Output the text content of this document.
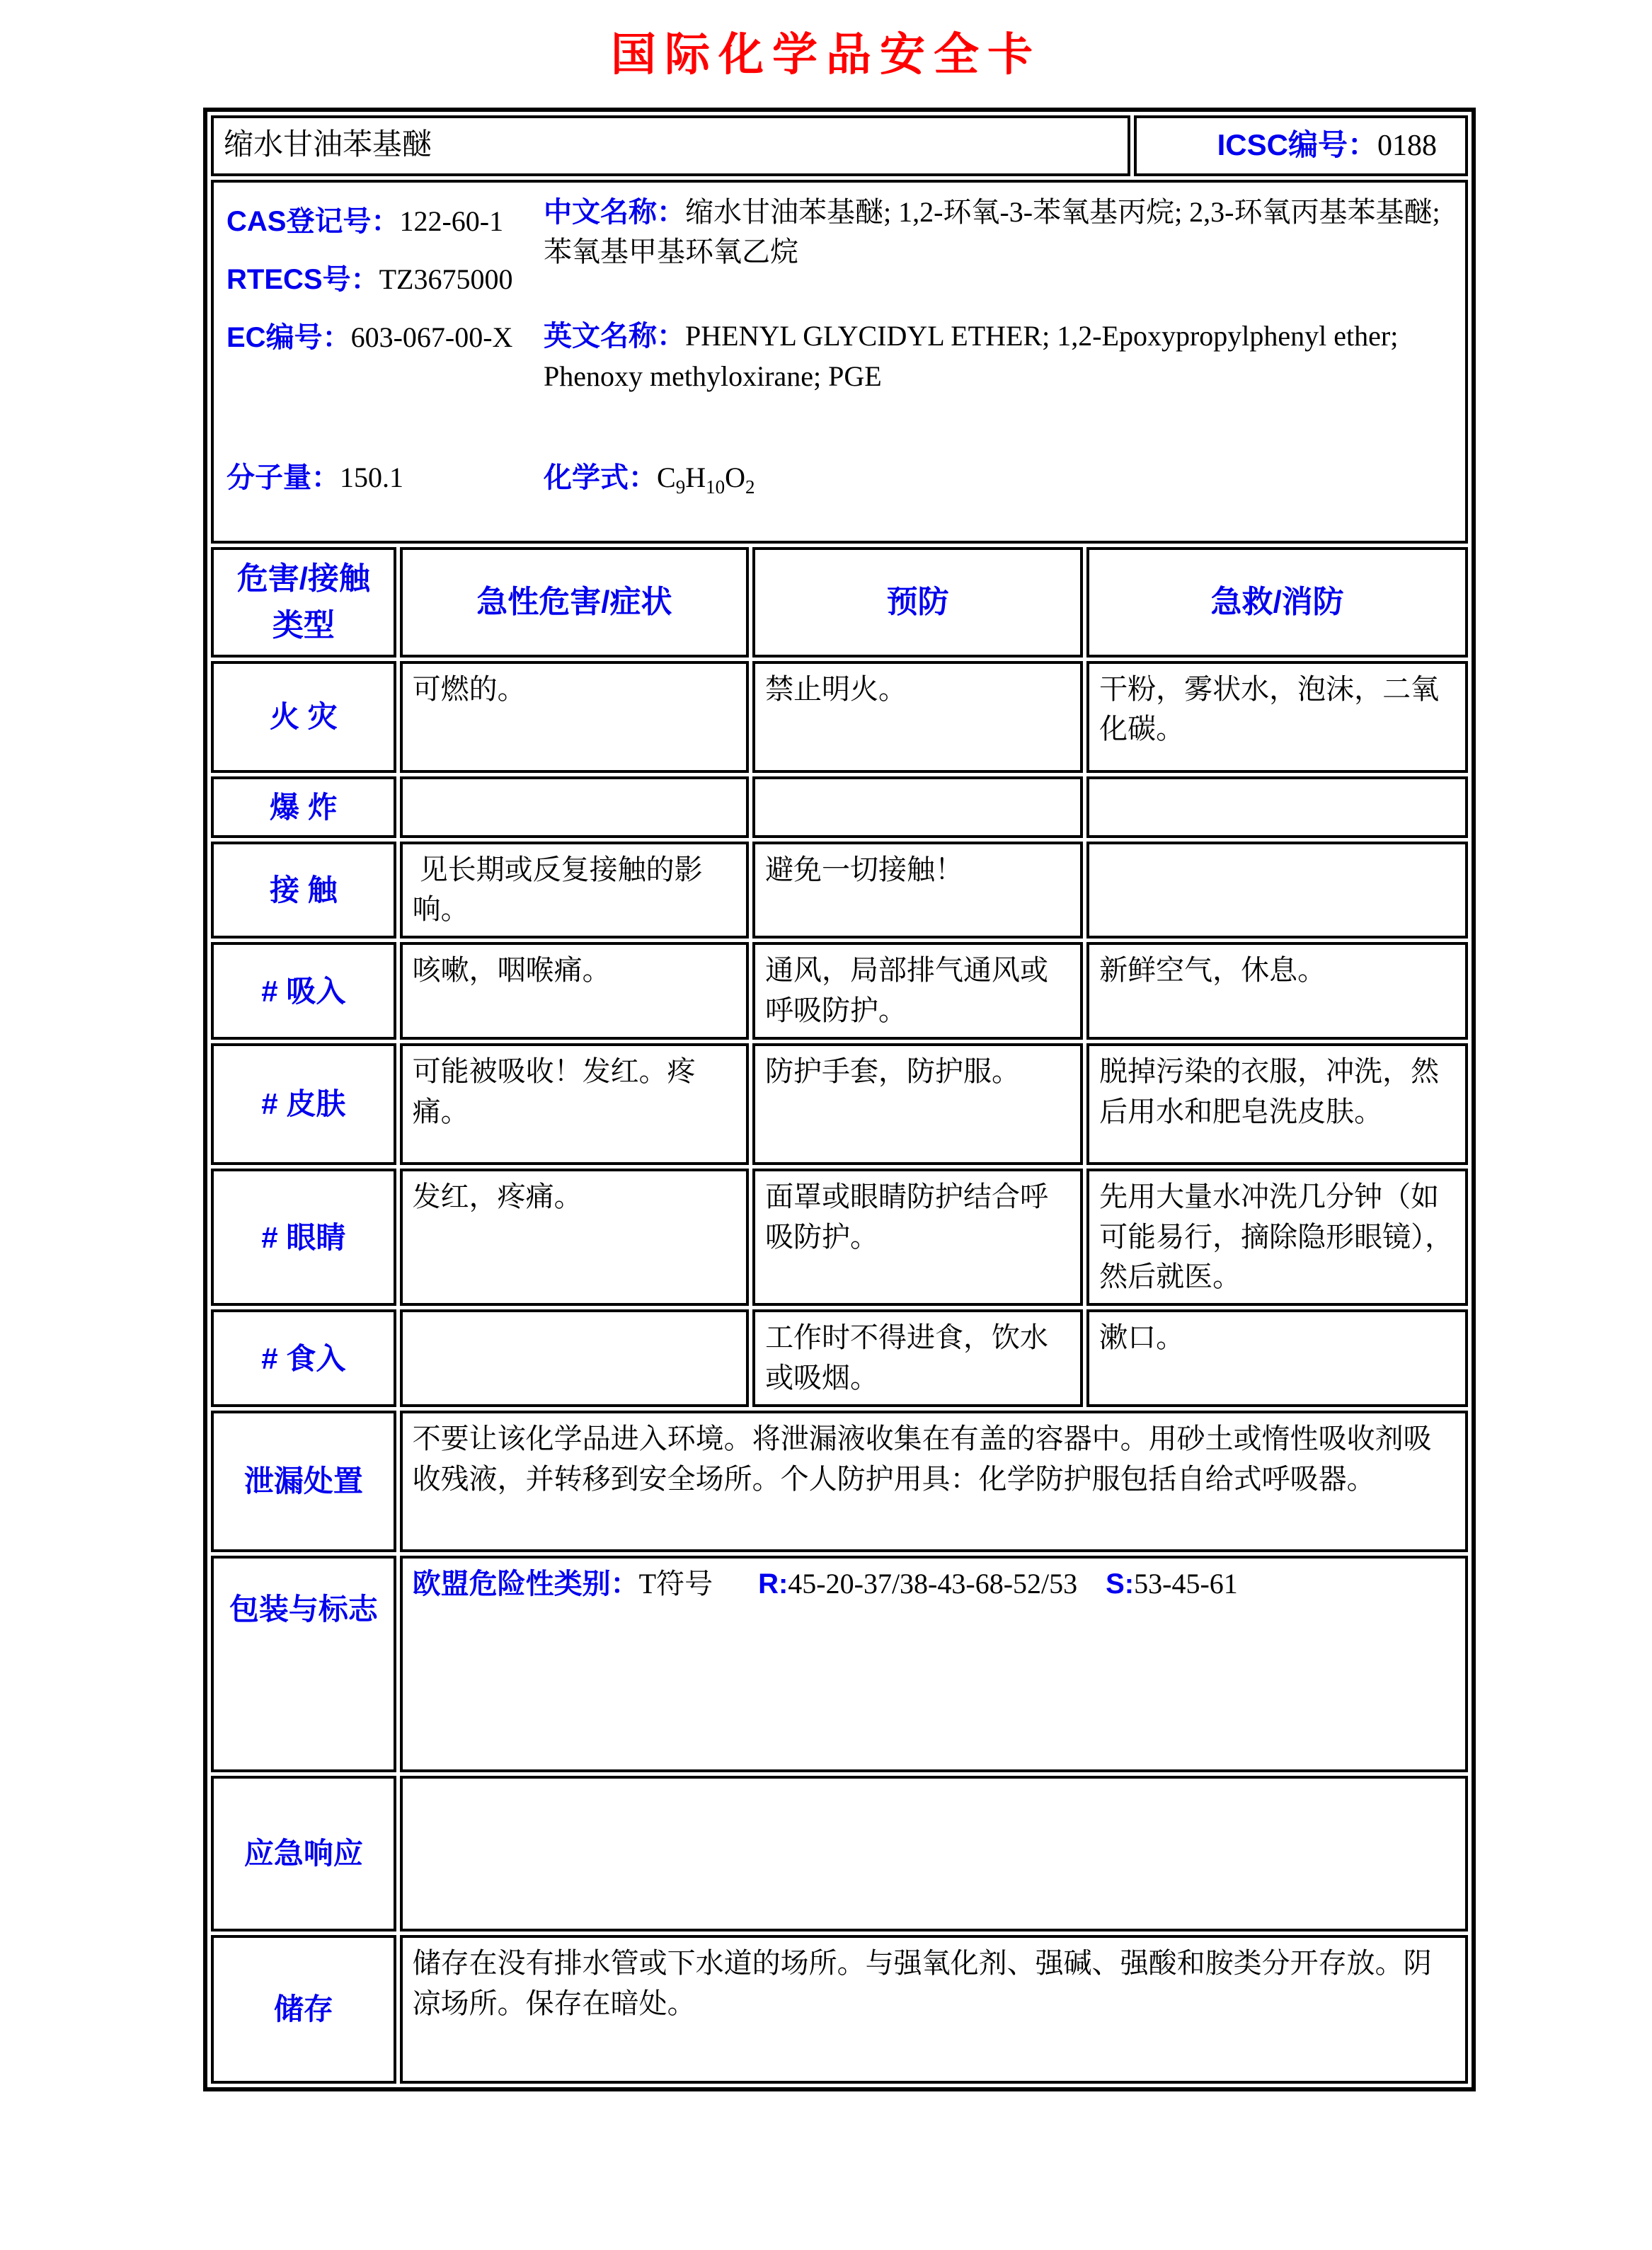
国际化学品安全卡
缩水甘油苯基醚				ICSC编号：0188

CAS登记号：122-60-1
RTECS号：TZ3675000
EC编号：603-067-00-X
中文名称：缩水甘油苯基醚; 1,2-环氧-3-苯氧基丙烷; 2,3-环氧丙基苯基醚; 苯氧基甲基环氧乙烷
英文名称：PHENYL GLYCIDYL ETHER; 1,2-Epoxypropylphenyl ether; Phenoxy methyloxirane; PGE
分子量：150.1	化学式：$C_9H_{10}O_2$

危害/接触类型	急性危害/症状	预防	急救/消防	
火 灾	可燃的。	禁止明火。	干粉，雾状水，泡沫，二氧化碳。	
爆 炸				
接 触	见长期或反复接触的影响。	避免一切接触！		
# 吸入	咳嗽，咽喉痛。	通风，局部排气通风或呼吸防护。	新鲜空气，休息。	
# 皮肤	可能被吸收！发红。疼痛。	防护手套，防护服。	脱掉污染的衣服，冲洗，然后用水和肥皂洗皮肤。	
# 眼睛	发红，疼痛。	面罩或眼睛防护结合呼吸防护。	先用大量水冲洗几分钟（如可能易行，摘除隐形眼镜），然后就医。	
# 食入		工作时不得进食，饮水或吸烟。	漱口。	
泄漏处置	不要让该化学品进入环境。将泄漏液收集在有盖的容器中。用砂土或惰性吸收剂吸收残液，并转移到安全场所。个人防护用具：化学防护服包括自给式呼吸器。			
包装与标志	欧盟危险性类别：T符号 R:45-20-37/38-43-68-52/53 S:53-45-61			
应急响应				
储存	储存在没有排水管或下水道的场所。与强氧化剂、强碱、强酸和胺类分开存放。阴凉场所。保存在暗处。			
